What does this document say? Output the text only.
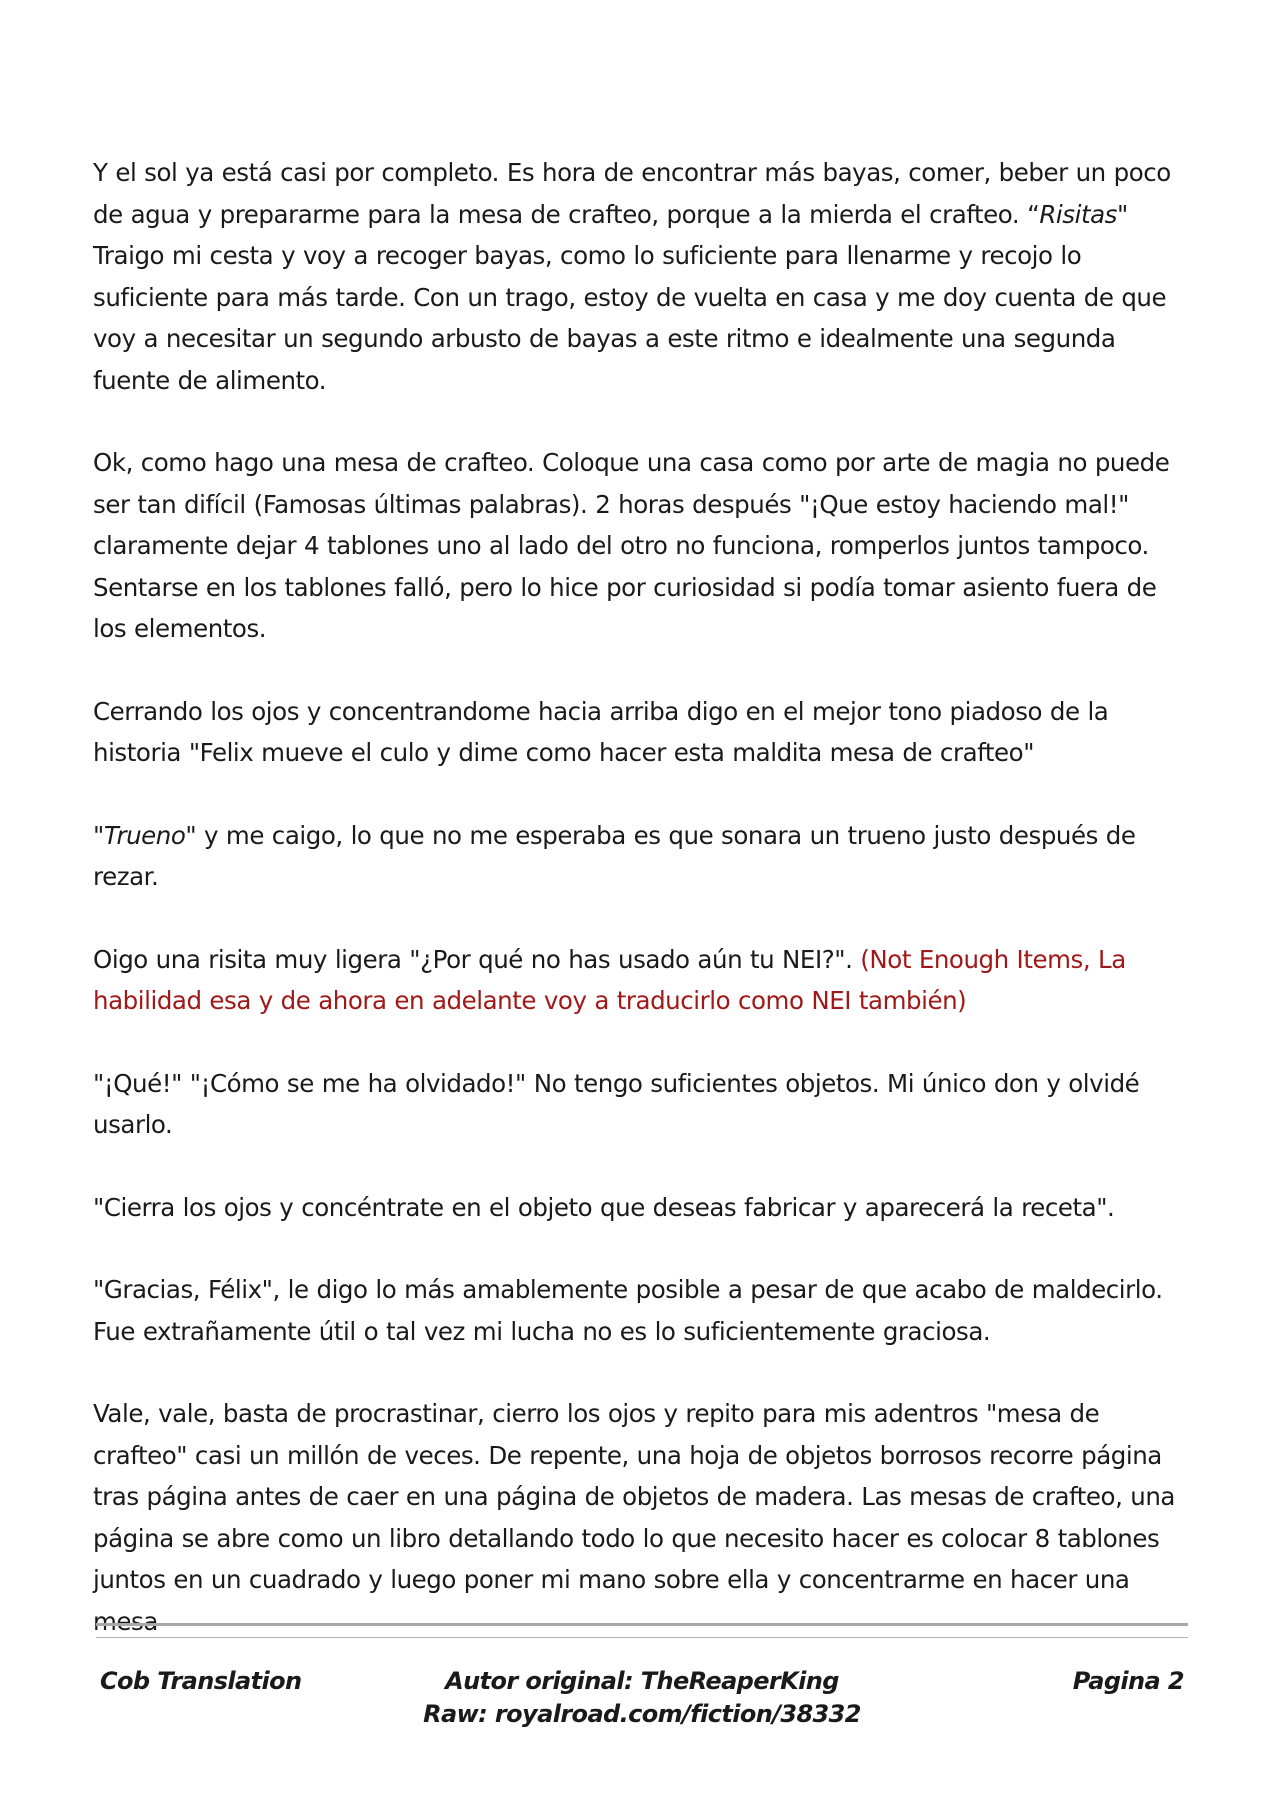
Y el sol ya está casi por completo. Es hora de encontrar más bayas, comer, beber un poco de agua y prepararme para la mesa de crafteo, porque a la mierda el crafteo. “Risitas" Traigo mi cesta y voy a recoger bayas, como lo suficiente para llenarme y recojo lo suficiente para más tarde. Con un trago, estoy de vuelta en casa y me doy cuenta de que voy a necesitar un segundo arbusto de bayas a este ritmo e idealmente una segunda fuente de alimento.

Ok, como hago una mesa de crafteo. Coloque una casa como por arte de magia no puede ser tan difícil (Famosas últimas palabras). 2 horas después "¡Que estoy haciendo mal!" claramente dejar 4 tablones uno al lado del otro no funciona, romperlos juntos tampoco. Sentarse en los tablones falló, pero lo hice por curiosidad si podía tomar asiento fuera de los elementos.

Cerrando los ojos y concentrandome hacia arriba digo en el mejor tono piadoso de la historia "Felix mueve el culo y dime como hacer esta maldita mesa de crafteo"

"Trueno" y me caigo, lo que no me esperaba es que sonara un trueno justo después de rezar.

Oigo una risita muy ligera "¿Por qué no has usado aún tu NEI?". (Not Enough Items, La habilidad esa y de ahora en adelante voy a traducirlo como NEI también)

"¡Qué!" "¡Cómo se me ha olvidado!" No tengo suficientes objetos. Mi único don y olvidé usarlo.

"Cierra los ojos y concéntrate en el objeto que deseas fabricar y aparecerá la receta".

"Gracias, Félix", le digo lo más amablemente posible a pesar de que acabo de maldecirlo. Fue extrañamente útil o tal vez mi lucha no es lo suficientemente graciosa.

Vale, vale, basta de procrastinar, cierro los ojos y repito para mis adentros "mesa de crafteo" casi un millón de veces. De repente, una hoja de objetos borrosos recorre página tras página antes de caer en una página de objetos de madera. Las mesas de crafteo, una página se abre como un libro detallando todo lo que necesito hacer es colocar 8 tablones juntos en un cuadrado y luego poner mi mano sobre ella y concentrarme en hacer una mesa

Cob Translation	Autor original: TheReaperKing
Raw: royalroad.com/fiction/38332
Pagina 2
